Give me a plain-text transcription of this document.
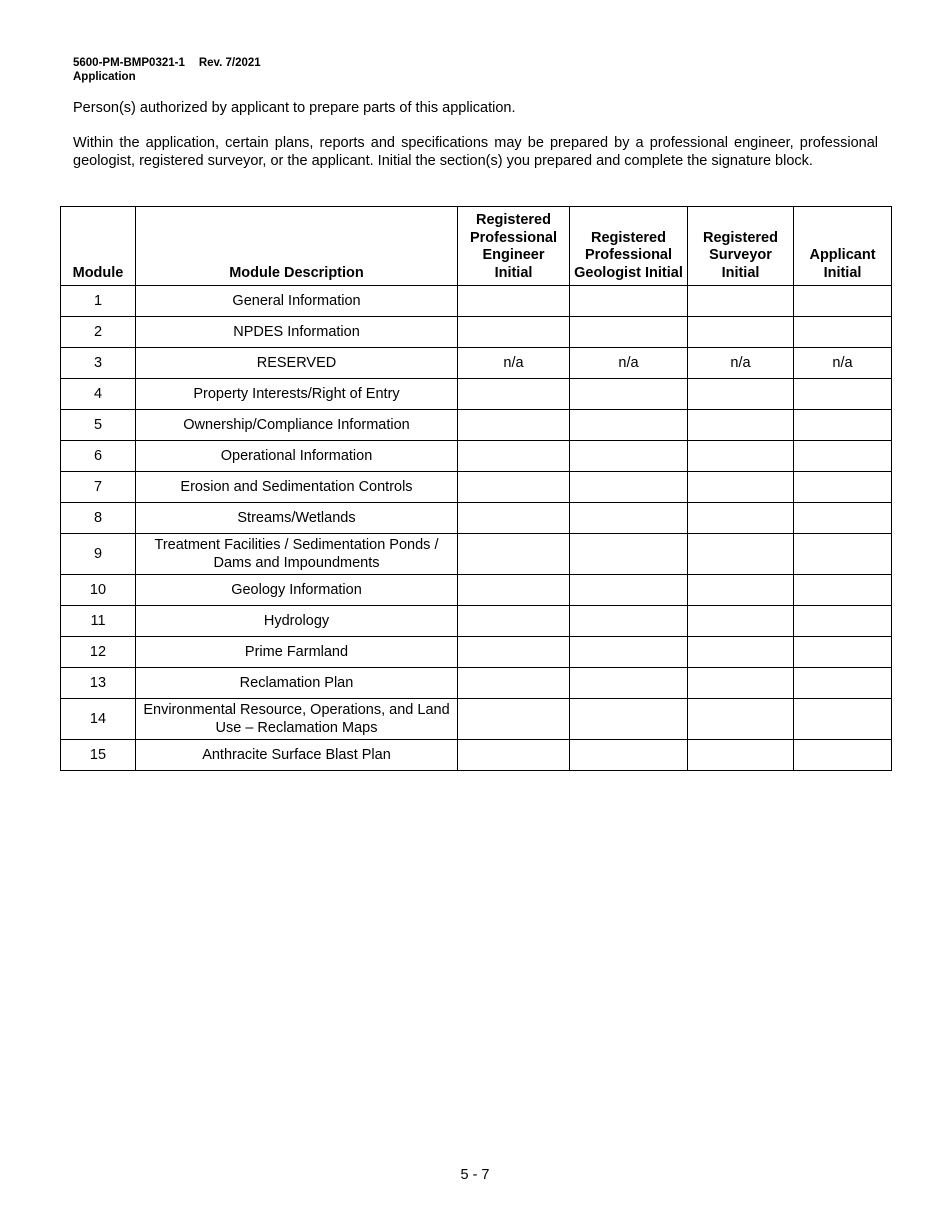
5600-PM-BMP0321-1 Rev. 7/2021
Application

Person(s) authorized by applicant to prepare parts of this application.

Within the application, certain plans, reports and specifications may be prepared by a professional engineer, professional geologist, registered surveyor, or the applicant. Initial the section(s) you prepared and complete the signature block.

Module	Module Description	Registered Professional Engineer Initial	Registered Professional Geologist Initial	Registered Surveyor Initial	Applicant Initial
1	General Information				
2	NPDES Information				
3	RESERVED	n/a	n/a	n/a	n/a
4	Property Interests/Right of Entry				
5	Ownership/Compliance Information				
6	Operational Information				
7	Erosion and Sedimentation Controls				
8	Streams/Wetlands				
9	Treatment Facilities / Sedimentation Ponds / Dams and Impoundments				
10	Geology Information				
11	Hydrology				
12	Prime Farmland				
13	Reclamation Plan				
14	Environmental Resource, Operations, and Land Use – Reclamation Maps				
15	Anthracite Surface Blast Plan				
5 - 7
